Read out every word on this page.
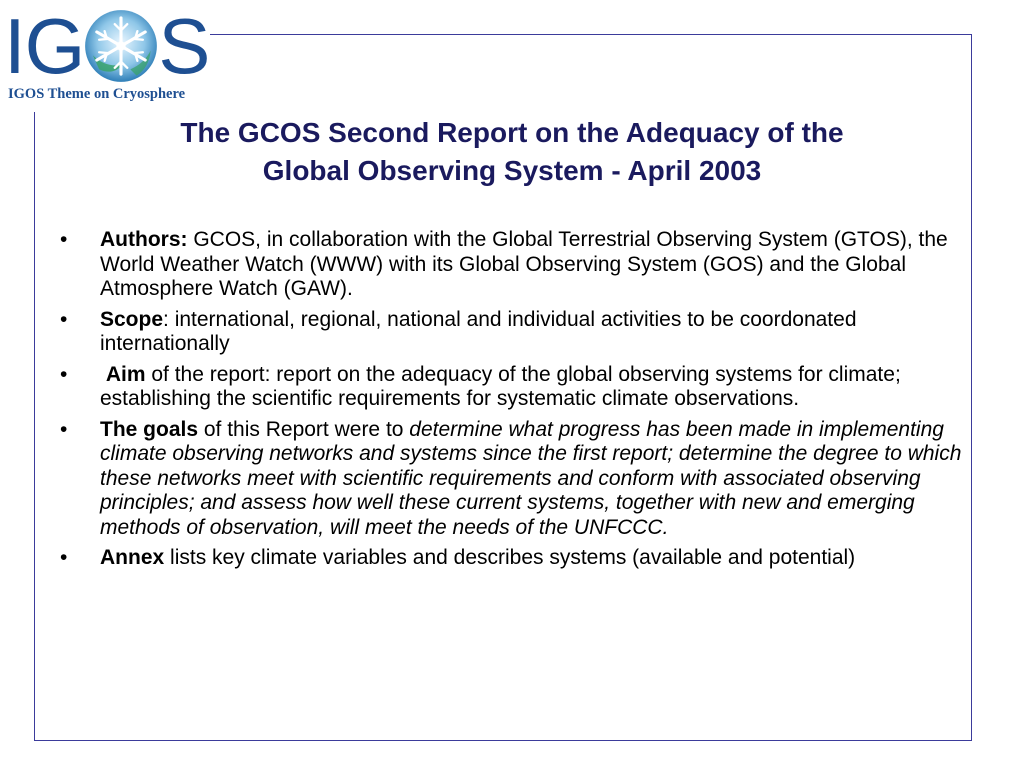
IG S
IGOS Theme on Cryosphere
The GCOS Second Report on the Adequacy of the
Global Observing System - April 2003
•	Authors: GCOS, in collaboration with the Global Terrestrial Observing System (GTOS), the World Weather Watch (WWW) with its Global Observing System (GOS) and the Global Atmosphere Watch (GAW).
•	Scope: international, regional, national and individual activities to be coordonated internationally
•	Aim of the report: report on the adequacy of the global observing systems for climate; establishing the scientific requirements for systematic climate observations.
•	The goals of this Report were to determine what progress has been made in implementing climate observing networks and systems since the first report; determine the degree to which these networks meet with scientific requirements and conform with associated observing principles; and assess how well these current systems, together with new and emerging methods of observation, will meet the needs of the UNFCCC.
•	Annex lists key climate variables and describes systems (available and potential)
